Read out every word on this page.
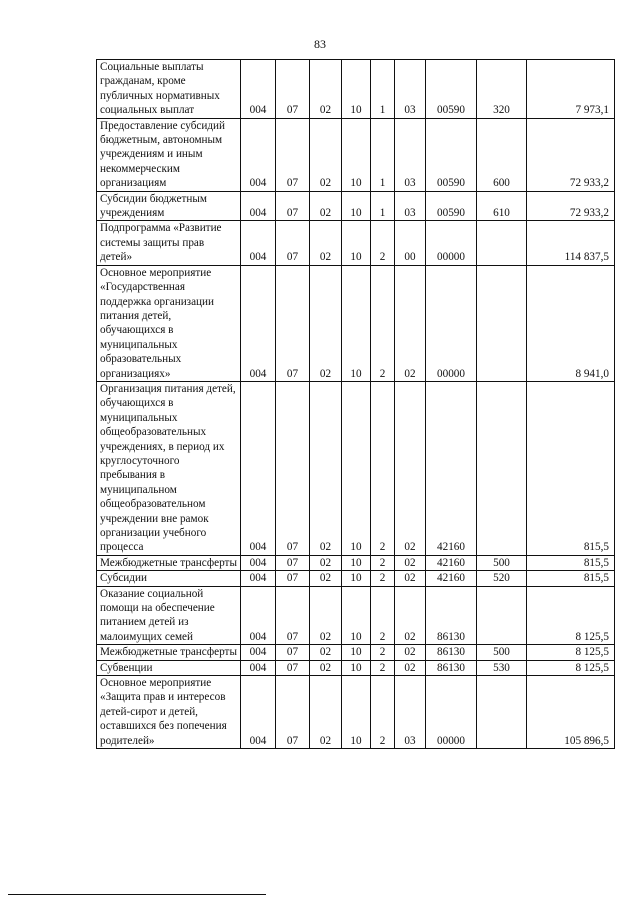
83
Социальные выплаты гражданам, кроме публичных нормативных социальных выплат	004	07	02	10	1	03	00590	320	7 973,1
Предоставление субсидий бюджетным, автономным учреждениям и иным некоммерческим организациям	004	07	02	10	1	03	00590	600	72 933,2
Субсидии бюджетным учреждениям	004	07	02	10	1	03	00590	610	72 933,2
Подпрограмма «Развитие системы защиты прав детей»	004	07	02	10	2	00	00000		114 837,5
Основное мероприятие «Государственная поддержка организации питания детей, обучающихся в муниципальных образовательных организациях»	004	07	02	10	2	02	00000		8 941,0
Организация питания детей, обучающихся в муниципальных общеобразовательных учреждениях, в период их круглосуточного пребывания в муниципальном общеобразовательном учреждении вне рамок организации учебного процесса	004	07	02	10	2	02	42160		815,5
Межбюджетные трансферты	004	07	02	10	2	02	42160	500	815,5
Субсидии	004	07	02	10	2	02	42160	520	815,5
Оказание социальной помощи на обеспечение питанием детей из малоимущих семей	004	07	02	10	2	02	86130		8 125,5
Межбюджетные трансферты	004	07	02	10	2	02	86130	500	8 125,5
Субвенции	004	07	02	10	2	02	86130	530	8 125,5
Основное мероприятие «Защита прав и интересов детей-сирот и детей, оставшихся без попечения родителей»	004	07	02	10	2	03	00000		105 896,5
